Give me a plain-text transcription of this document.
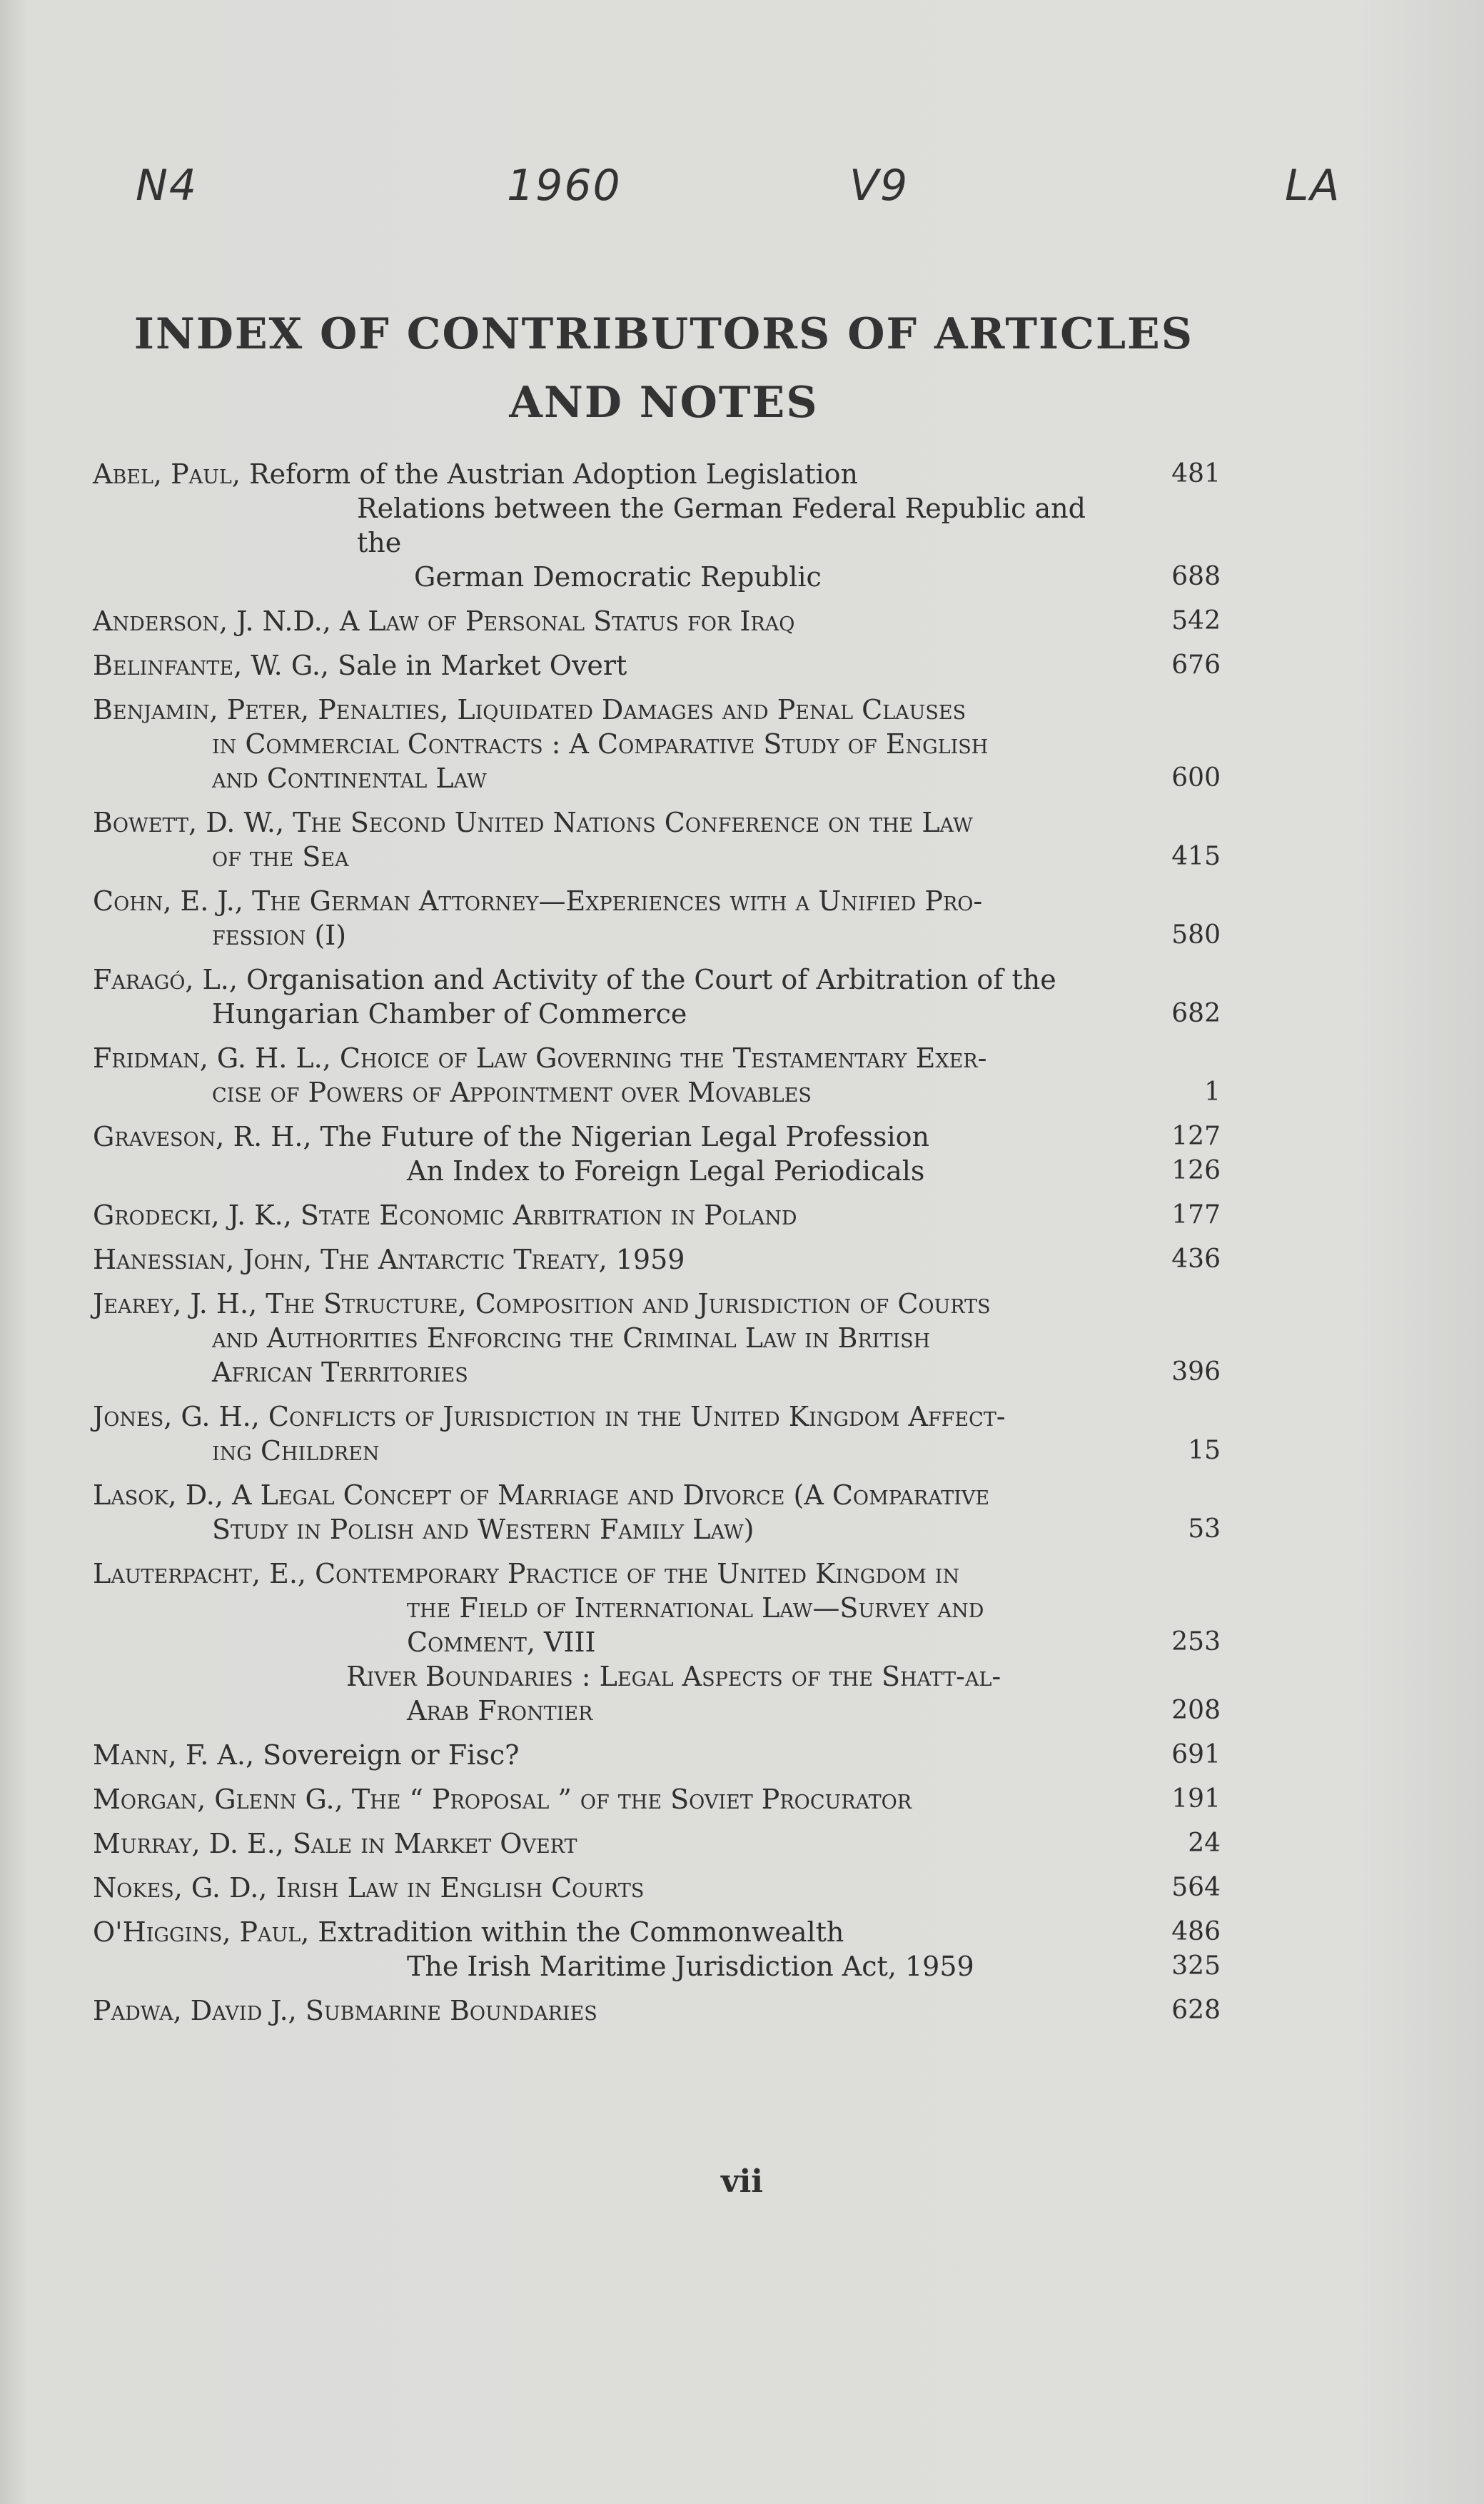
N4	1960	V9	LA
INDEX OF CONTRIBUTORS OF ARTICLES
AND NOTES
Abel, Paul, Reform of the Austrian Adoption Legislation	481
Relations between the German Federal Republic and the
German Democratic Republic	688
Anderson, J. N.D., A Law of Personal Status for Iraq	542
Belinfante, W. G., Sale in Market Overt	676
Benjamin, Peter, Penalties, Liquidated Damages and Penal Clauses
in Commercial Contracts : A Comparative Study of English
and Continental Law	600
Bowett, D. W., The Second United Nations Conference on the Law
of the Sea	415
Cohn, E. J., The German Attorney—Experiences with a Unified Pro-
fession (I)	580
Faragó, L., Organisation and Activity of the Court of Arbitration of the
Hungarian Chamber of Commerce	682
Fridman, G. H. L., Choice of Law Governing the Testamentary Exer-
cise of Powers of Appointment over Movables	1
Graveson, R. H., The Future of the Nigerian Legal Profession	127
An Index to Foreign Legal Periodicals	126
Grodecki, J. K., State Economic Arbitration in Poland	177
Hanessian, John, The Antarctic Treaty, 1959	436
Jearey, J. H., The Structure, Composition and Jurisdiction of Courts
and Authorities Enforcing the Criminal Law in British
African Territories	396
Jones, G. H., Conflicts of Jurisdiction in the United Kingdom Affect-
ing Children	15
Lasok, D., A Legal Concept of Marriage and Divorce (A Comparative
Study in Polish and Western Family Law)	53
Lauterpacht, E., Contemporary Practice of the United Kingdom in
the Field of International Law—Survey and
Comment, VIII	253
River Boundaries : Legal Aspects of the Shatt-al-
Arab Frontier	208
Mann, F. A., Sovereign or Fisc?	691
Morgan, Glenn G., The “ Proposal ” of the Soviet Procurator	191
Murray, D. E., Sale in Market Overt	24
Nokes, G. D., Irish Law in English Courts	564
O'Higgins, Paul, Extradition within the Commonwealth	486
The Irish Maritime Jurisdiction Act, 1959	325
Padwa, David J., Submarine Boundaries	628
vii
